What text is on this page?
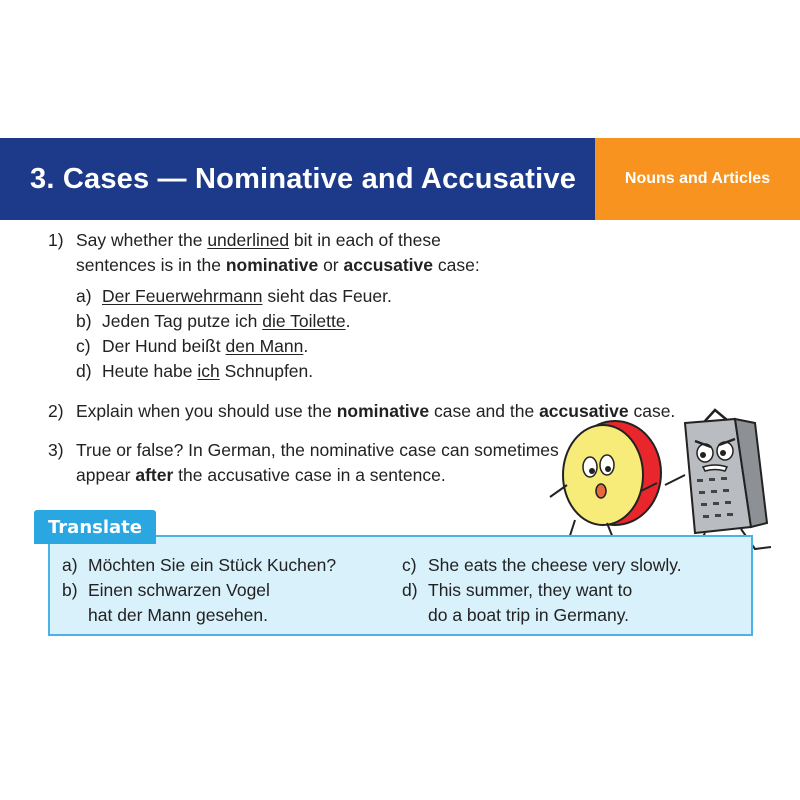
3. Cases — Nominative and Accusative	Nouns and Articles
1) Say whether the underlined bit in each of these
sentences is in the nominative or accusative case:
a) Der Feuerwehrmann sieht das Feuer.
b) Jeden Tag putze ich die Toilette.
c) Der Hund beißt den Mann.
d) Heute habe ich Schnupfen.
2) Explain when you should use the nominative case and the accusative case.
3) True or false? In German, the nominative case can sometimes
appear after the accusative case in a sentence.
Translate
a) Möchten Sie ein Stück Kuchen?
b) Einen schwarzen Vogel
hat der Mann gesehen.
c) She eats the cheese very slowly.
d) This summer, they want to
do a boat trip in Germany.
